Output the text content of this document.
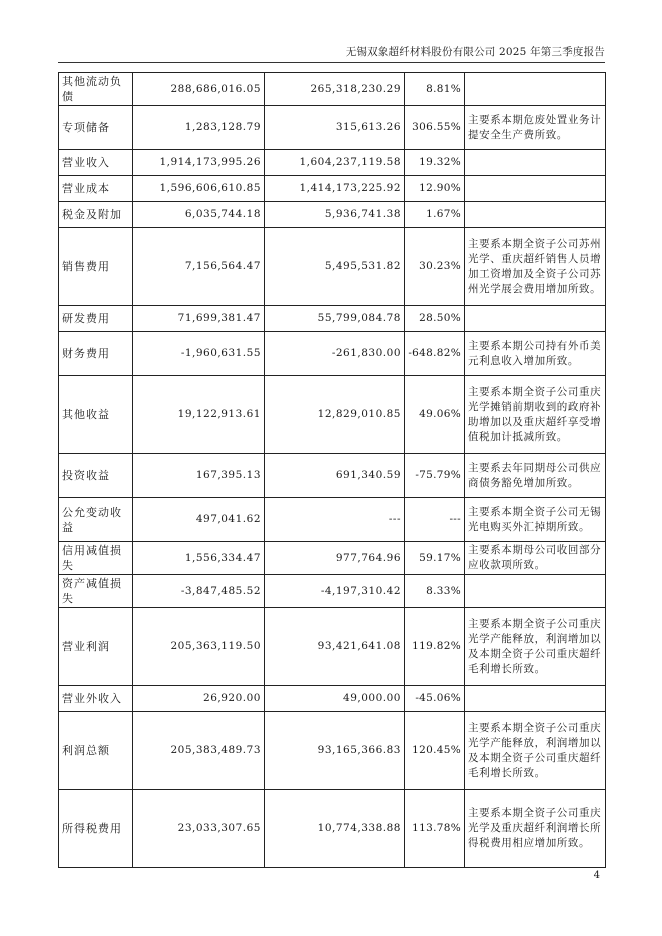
无锡双象超纤材料股份有限公司 2025 年第三季度报告
其他流动负债	288,686,016.05	265,318,230.29	8.81%	
专项储备	1,283,128.79	315,613.26	306.55%	主要系本期危废处置业务计提安全生产费所致。
营业收入	1,914,173,995.26	1,604,237,119.58	19.32%	
营业成本	1,596,606,610.85	1,414,173,225.92	12.90%	
税金及附加	6,035,744.18	5,936,741.38	1.67%	
销售费用	7,156,564.47	5,495,531.82	30.23%	主要系本期全资子公司苏州光学、重庆超纤销售人员增加工资增加及全资子公司苏州光学展会费用增加所致。
研发费用	71,699,381.47	55,799,084.78	28.50%	
财务费用	-1,960,631.55	-261,830.00	-648.82%	主要系本期公司持有外币美元利息收入增加所致。
其他收益	19,122,913.61	12,829,010.85	49.06%	主要系本期全资子公司重庆光学摊销前期收到的政府补助增加以及重庆超纤享受增值税加计抵减所致。
投资收益	167,395.13	691,340.59	-75.79%	主要系去年同期母公司供应商债务豁免增加所致。
公允变动收益	497,041.62	---	---	主要系本期全资子公司无锡光电购买外汇掉期所致。
信用减值损失	1,556,334.47	977,764.96	59.17%	主要系本期母公司收回部分应收款项所致。
资产减值损失	-3,847,485.52	-4,197,310.42	8.33%	
营业利润	205,363,119.50	93,421,641.08	119.82%	主要系本期全资子公司重庆光学产能释放，利润增加以及本期全资子公司重庆超纤毛利增长所致。
营业外收入	26,920.00	49,000.00	-45.06%	
利润总额	205,383,489.73	93,165,366.83	120.45%	主要系本期全资子公司重庆光学产能释放，利润增加以及本期全资子公司重庆超纤毛利增长所致。
所得税费用	23,033,307.65	10,774,338.88	113.78%	主要系本期全资子公司重庆光学及重庆超纤利润增长所得税费用相应增加所致。
4
